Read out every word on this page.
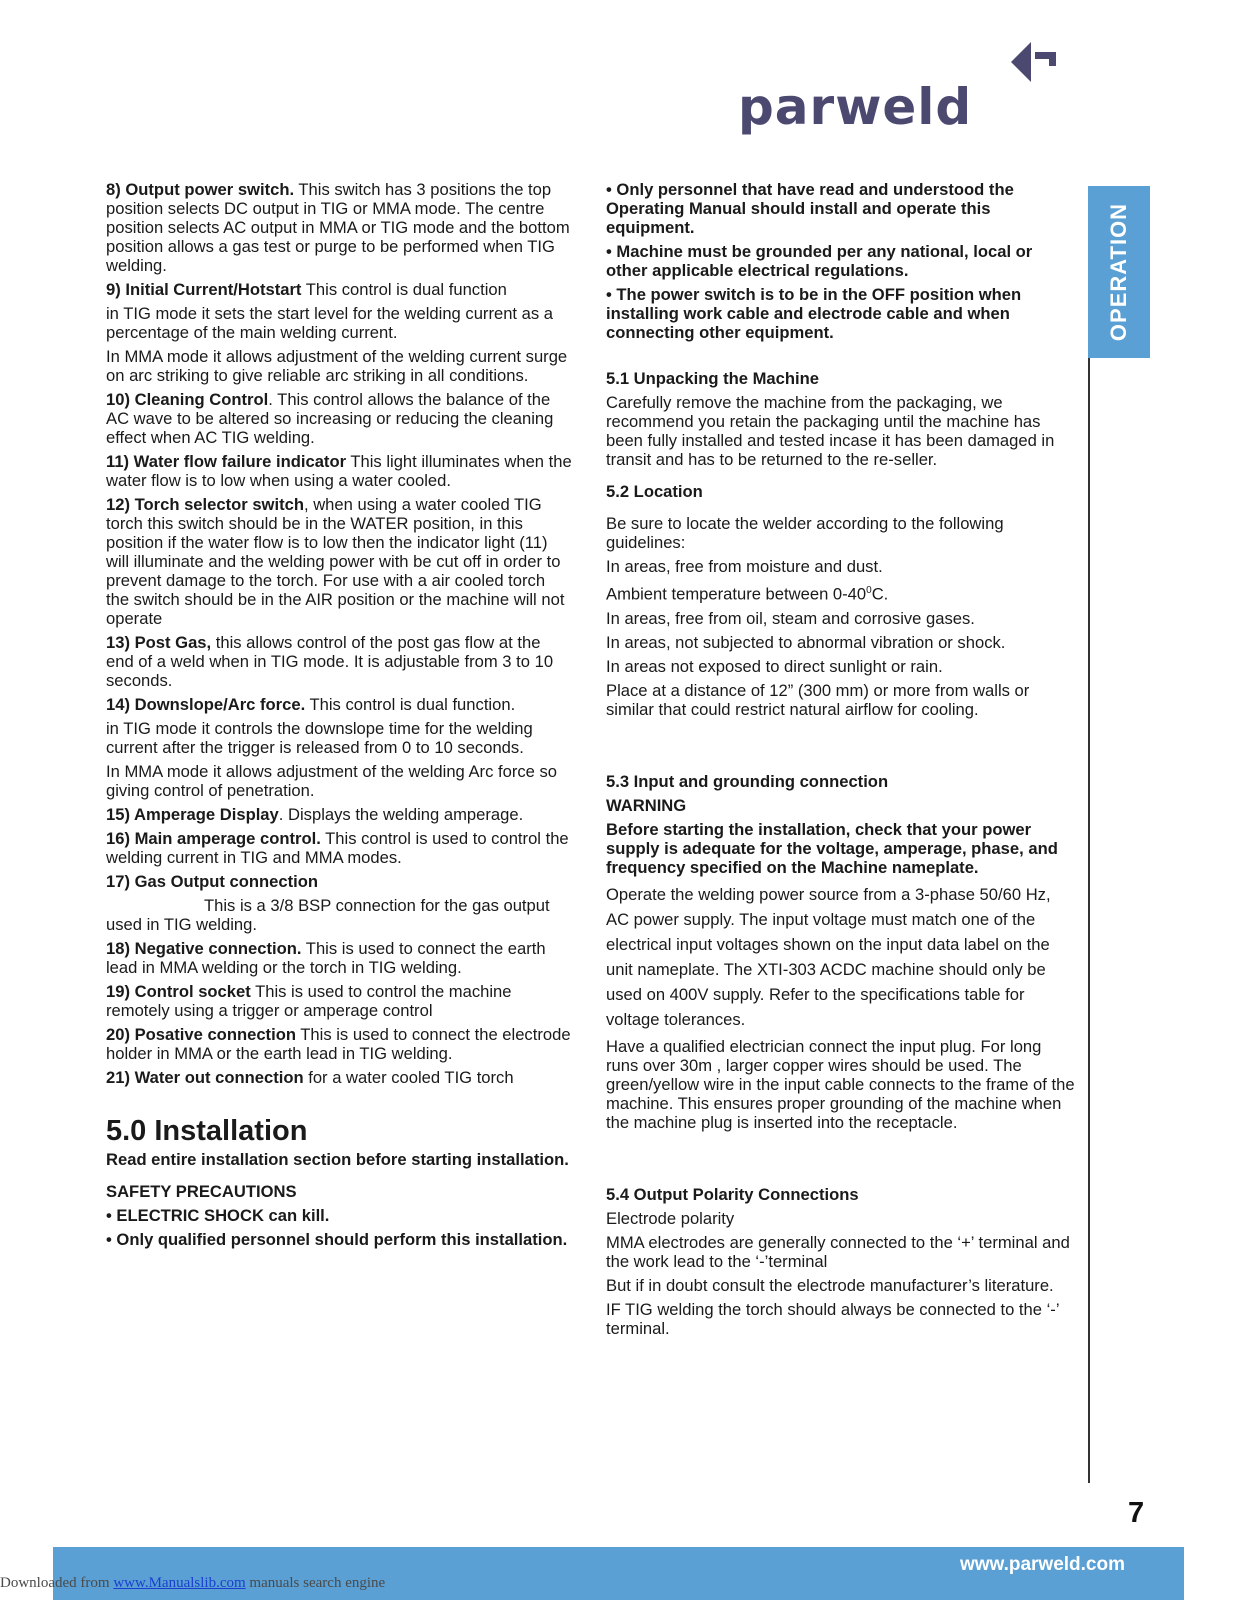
parweld
OPERATION

8) Output power switch. This switch has 3 positions the top position selects DC output in TIG or MMA mode. The centre position selects AC output in MMA or TIG mode and the bottom position allows a gas test or purge to be performed when TIG welding.

9) Initial Current/Hotstart This control is dual function

in TIG mode it sets the start level for the welding current as a percentage of the main welding current.

In MMA mode it allows adjustment of the welding current surge on arc striking to give reliable arc striking in all conditions.

10) Cleaning Control. This control allows the balance of the AC wave to be altered so increasing or reducing the cleaning effect when AC TIG welding.

11) Water flow failure indicator This light illuminates when the water flow is to low when using a water cooled.

12) Torch selector switch, when using a water cooled TIG torch this switch should be in the WATER position, in this position if the water flow is to low then the indicator light (11) will illuminate and the welding power with be cut off in order to prevent damage to the torch. For use with a air cooled torch the switch should be in the AIR position or the machine will not operate

13) Post Gas, this allows control of the post gas flow at the end of a weld when in TIG mode. It is adjustable from 3 to 10 seconds.

14) Downslope/Arc force. This control is dual function.

in TIG mode it controls the downslope time for the welding current after the trigger is released from 0 to 10 seconds.

In MMA mode it allows adjustment of the welding Arc force so giving control of penetration.

15) Amperage Display. Displays the welding amperage.

16) Main amperage control. This control is used to control the welding current in TIG and MMA modes.

17) Gas Output connection

This is a 3/8 BSP connection for the gas output used in TIG welding.

18) Negative connection. This is used to connect the earth lead in MMA welding or the torch in TIG welding.

19) Control socket This is used to control the machine remotely using a trigger or amperage control

20) Posative connection This is used to connect the electrode holder in MMA or the earth lead in TIG welding.

21) Water out connection for a water cooled TIG torch

5.0 Installation

Read entire installation section before starting installation.

SAFETY PRECAUTIONS

• ELECTRIC SHOCK can kill.

• Only qualified personnel should perform this installation.

• Only personnel that have read and understood the Operating Manual should install and operate this equipment.

• Machine must be grounded per any national, local or other applicable electrical regulations.

• The power switch is to be in the OFF position when installing work cable and electrode cable and when connecting other equipment.

5.1 Unpacking the Machine

Carefully remove the machine from the packaging, we recommend you retain the packaging until the machine has been fully installed and tested incase it has been damaged in transit and has to be returned to the re-seller.

5.2 Location

Be sure to locate the welder according to the following guidelines:

In areas, free from moisture and dust.

Ambient temperature between $0-40^0C$.

In areas, free from oil, steam and corrosive gases.

In areas, not subjected to abnormal vibration or shock.

In areas not exposed to direct sunlight or rain.

Place at a distance of 12” (300 mm) or more from walls or similar that could restrict natural airflow for cooling.

5.3 Input and grounding connection

WARNING

Before starting the installation, check that your power supply is adequate for the voltage, amperage, phase, and frequency specified on the Machine nameplate.

Operate the welding power source from a 3-phase 50/60 Hz, AC power supply. The input voltage must match one of the electrical input voltages shown on the input data label on the unit nameplate. The XTI-303 ACDC machine should only be used on 400V supply. Refer to the specifications table for voltage tolerances.

Have a qualified electrician connect the input plug. For long runs over 30m , larger copper wires should be used. The green/yellow wire in the input cable connects to the frame of the machine. This ensures proper grounding of the machine when the machine plug is inserted into the receptacle.

5.4 Output Polarity Connections

Electrode polarity

MMA electrodes are generally connected to the ‘+’ terminal and the work lead to the ‘-’terminal

But if in doubt consult the electrode manufacturer’s literature.

IF TIG welding the torch should always be connected to the ‘-’ terminal.

7
www.parweld.com
Downloaded from www.Manualslib.com manuals search engine
